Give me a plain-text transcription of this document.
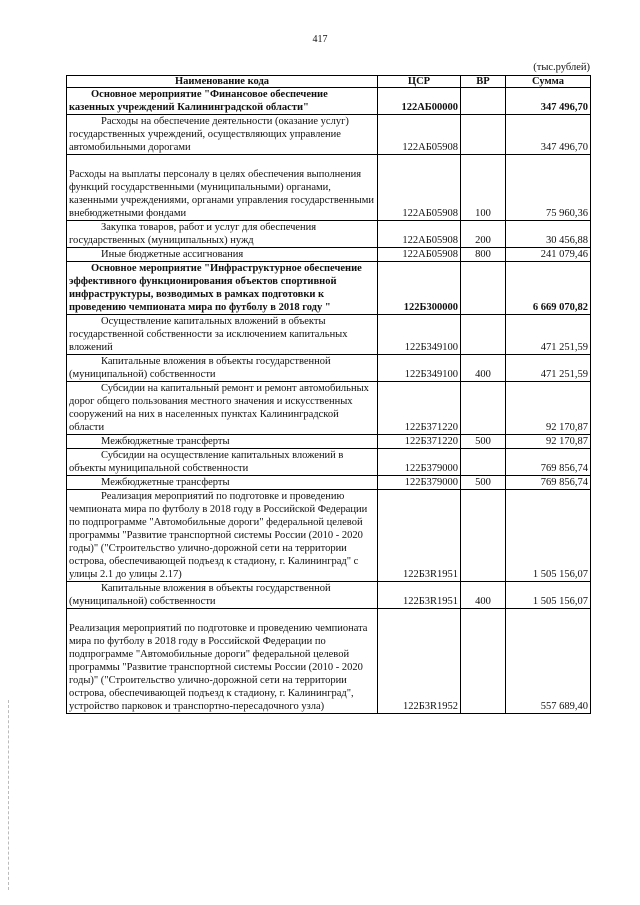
417
(тыс.рублей)
Наименование кода	ЦСР	ВР	Сумма
Основное мероприятие "Финансовое обеспечение казенных учреждений Калининградской области"	122АБ00000		347 496,70
Расходы на обеспечение деятельности (оказание услуг) государственных учреждений, осуществляющих управление автомобильными дорогами	122АБ05908		347 496,70

Расходы на выплаты персоналу в целях обеспечения выполнения функций государственными (муниципальными) органами, казенными учреждениями, органами управления государственными внебюджетными фондами	122АБ05908	100	75 960,36
Закупка товаров, работ и услуг для обеспечения государственных (муниципальных) нужд	122АБ05908	200	30 456,88
Иные бюджетные ассигнования	122АБ05908	800	241 079,46
Основное мероприятие "Инфраструктурное обеспечение эффективного функционирования объектов спортивной инфраструктуры, возводимых в рамках подготовки к проведению чемпионата мира по футболу в 2018 году "	122Б300000		6 669 070,82
Осуществление капитальных вложений в объекты государственной собственности за исключением капитальных вложений	122Б349100		471 251,59
Капитальные вложения в объекты государственной (муниципальной) собственности	122Б349100	400	471 251,59
Субсидии на капитальный ремонт и ремонт автомобильных дорог общего пользования местного значения и искусственных сооружений на них в населенных пунктах Калининградской области	122Б371220		92 170,87
Межбюджетные трансферты	122Б371220	500	92 170,87
Субсидии на осуществление капитальных вложений в объекты муниципальной собственности	122Б379000		769 856,74
Межбюджетные трансферты	122Б379000	500	769 856,74
Реализация мероприятий по подготовке и проведению чемпионата мира по футболу в 2018 году в Российской Федерации по подпрограмме "Автомобильные дороги" федеральной целевой программы "Развитие транспортной системы России (2010 - 2020 годы)" ("Строительство улично-дорожной сети на территории острова, обеспечивающей подъезд к стадиону, г. Калининград" с улицы 2.1 до улицы 2.17)	122Б3R1951		1 505 156,07
Капитальные вложения в объекты государственной (муниципальной) собственности	122Б3R1951	400	1 505 156,07

Реализация мероприятий по подготовке и проведению чемпионата мира по футболу в 2018 году в Российской Федерации по подпрограмме "Автомобильные дороги" федеральной целевой программы "Развитие транспортной системы России (2010 - 2020 годы)" ("Строительство улично-дорожной сети на территории острова, обеспечивающей подъезд к стадиону, г. Калининград", устройство парковок и транспортно-пересадочного узла)	122Б3R1952		557 689,40
